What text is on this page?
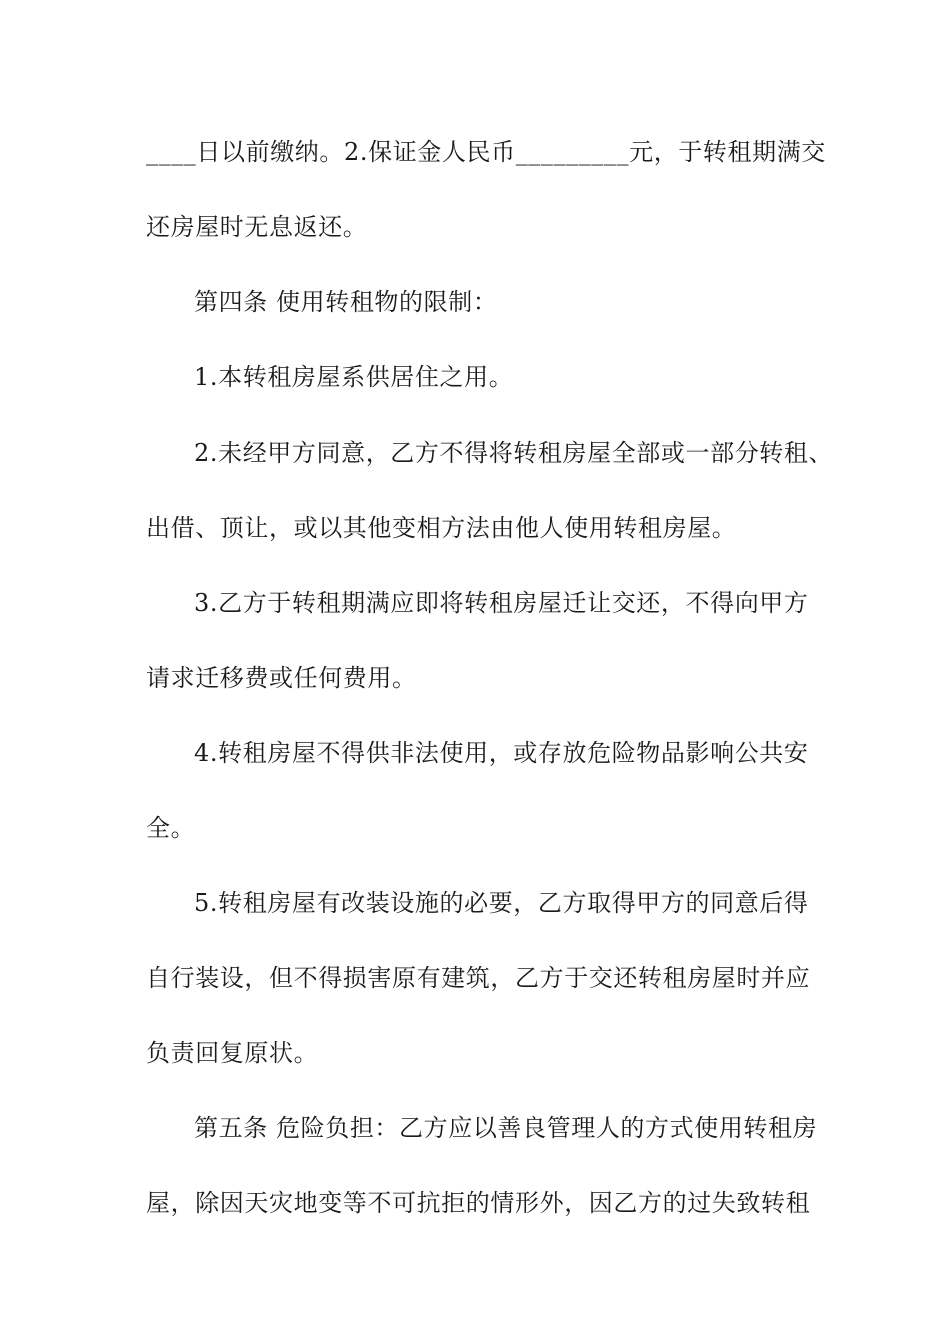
____日以前缴纳。2.保证金人民币_________元，于转租期满交
还房屋时无息返还。
第四条 使用转租物的限制：
1.本转租房屋系供居住之用。
2.未经甲方同意，乙方不得将转租房屋全部或一部分转租、
出借、顶让，或以其他变相方法由他人使用转租房屋。
3.乙方于转租期满应即将转租房屋迁让交还，不得向甲方
请求迁移费或任何费用。
4.转租房屋不得供非法使用，或存放危险物品影响公共安
全。
5.转租房屋有改装设施的必要，乙方取得甲方的同意后得
自行装设，但不得损害原有建筑，乙方于交还转租房屋时并应
负责回复原状。
第五条 危险负担：乙方应以善良管理人的方式使用转租房
屋，除因天灾地变等不可抗拒的情形外，因乙方的过失致转租
